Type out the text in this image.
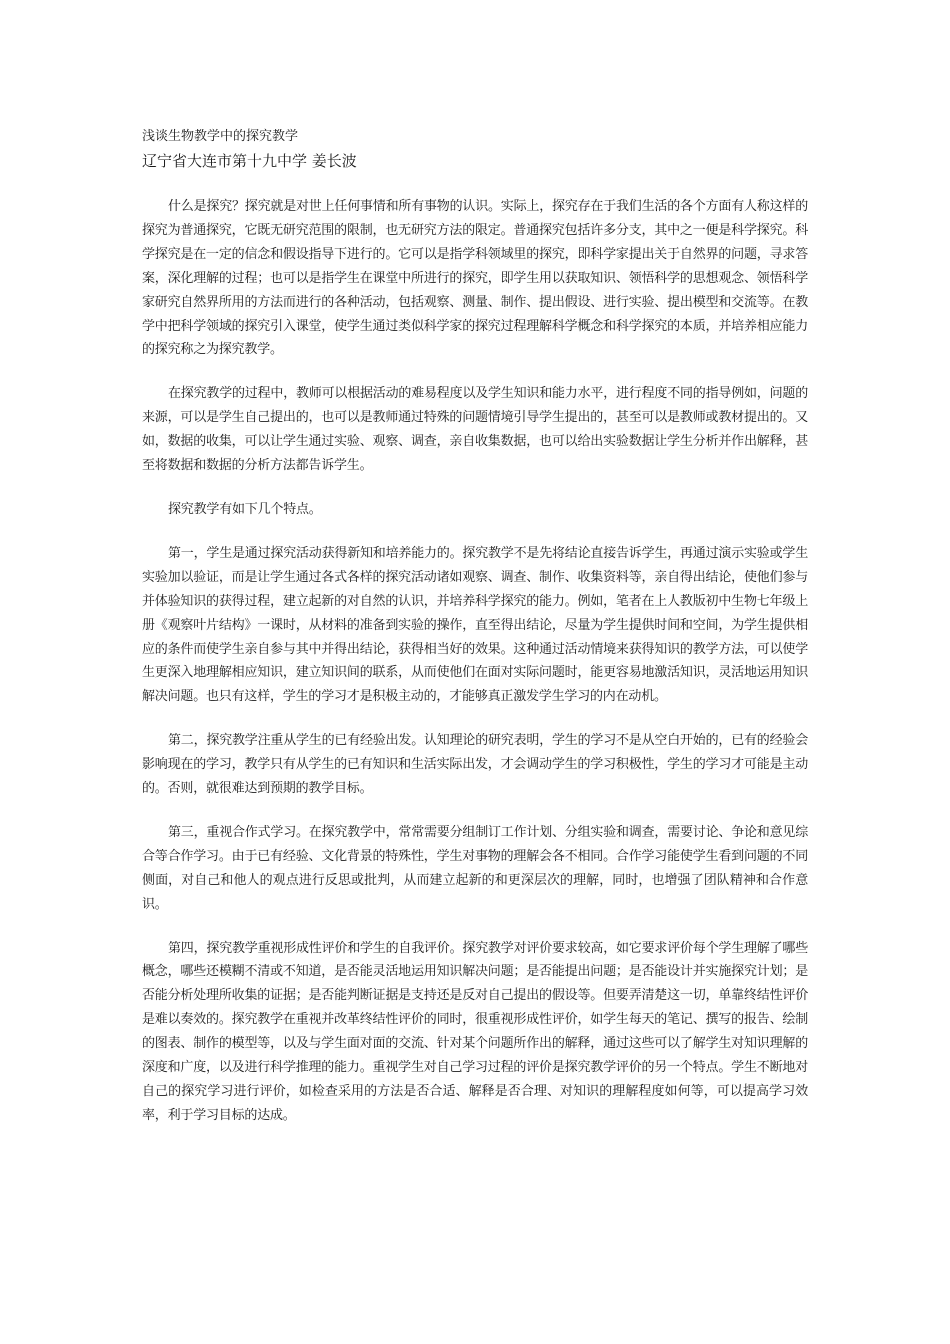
浅谈生物教学中的探究教学
辽宁省大连市第十九中学 姜长波

什么是探究？探究就是对世上任何事情和所有事物的认识。实际上，探究存在于我们生活的各个方面有人称这样的探究为普通探究，它既无研究范围的限制，也无研究方法的限定。普通探究包括许多分支，其中之一便是科学探究。科学探究是在一定的信念和假设指导下进行的。它可以是指学科领域里的探究，即科学家提出关于自然界的问题，寻求答案，深化理解的过程；也可以是指学生在课堂中所进行的探究，即学生用以获取知识、领悟科学的思想观念、领悟科学家研究自然界所用的方法而进行的各种活动，包括观察、测量、制作、提出假设、进行实验、提出模型和交流等。在教学中把科学领域的探究引入课堂，使学生通过类似科学家的探究过程理解科学概念和科学探究的本质，并培养相应能力的探究称之为探究教学。

在探究教学的过程中，教师可以根据活动的难易程度以及学生知识和能力水平，进行程度不同的指导例如，问题的来源，可以是学生自己提出的，也可以是教师通过特殊的问题情境引导学生提出的，甚至可以是教师或教材提出的。又如，数据的收集，可以让学生通过实验、观察、调查，亲自收集数据，也可以给出实验数据让学生分析并作出解释，甚至将数据和数据的分析方法都告诉学生。

探究教学有如下几个特点。

第一，学生是通过探究活动获得新知和培养能力的。探究教学不是先将结论直接告诉学生，再通过演示实验或学生实验加以验证，而是让学生通过各式各样的探究活动诸如观察、调查、制作、收集资料等，亲自得出结论，使他们参与并体验知识的获得过程，建立起新的对自然的认识，并培养科学探究的能力。例如，笔者在上人教版初中生物七年级上册《观察叶片结构》一课时，从材料的准备到实验的操作，直至得出结论，尽量为学生提供时间和空间，为学生提供相应的条件而使学生亲自参与其中并得出结论，获得相当好的效果。这种通过活动情境来获得知识的教学方法，可以使学生更深入地理解相应知识，建立知识间的联系，从而使他们在面对实际问题时，能更容易地激活知识，灵活地运用知识解决问题。也只有这样，学生的学习才是积极主动的，才能够真正激发学生学习的内在动机。

第二，探究教学注重从学生的已有经验出发。认知理论的研究表明，学生的学习不是从空白开始的，已有的经验会影响现在的学习，教学只有从学生的已有知识和生活实际出发，才会调动学生的学习积极性，学生的学习才可能是主动的。否则，就很难达到预期的教学目标。

第三，重视合作式学习。在探究教学中，常常需要分组制订工作计划、分组实验和调查，需要讨论、争论和意见综合等合作学习。由于已有经验、文化背景的特殊性，学生对事物的理解会各不相同。合作学习能使学生看到问题的不同侧面，对自己和他人的观点进行反思或批判，从而建立起新的和更深层次的理解，同时，也增强了团队精神和合作意识。

第四，探究教学重视形成性评价和学生的自我评价。探究教学对评价要求较高，如它要求评价每个学生理解了哪些概念，哪些还模糊不清或不知道，是否能灵活地运用知识解决问题；是否能提出问题；是否能设计并实施探究计划；是否能分析处理所收集的证据；是否能判断证据是支持还是反对自己提出的假设等。但要弄清楚这一切，单靠终结性评价是难以奏效的。探究教学在重视并改革终结性评价的同时，很重视形成性评价，如学生每天的笔记、撰写的报告、绘制的图表、制作的模型等，以及与学生面对面的交流、针对某个问题所作出的解释，通过这些可以了解学生对知识理解的深度和广度，以及进行科学推理的能力。重视学生对自己学习过程的评价是探究教学评价的另一个特点。学生不断地对自己的探究学习进行评价，如检查采用的方法是否合适、解释是否合理、对知识的理解程度如何等，可以提高学习效率，利于学习目标的达成。
